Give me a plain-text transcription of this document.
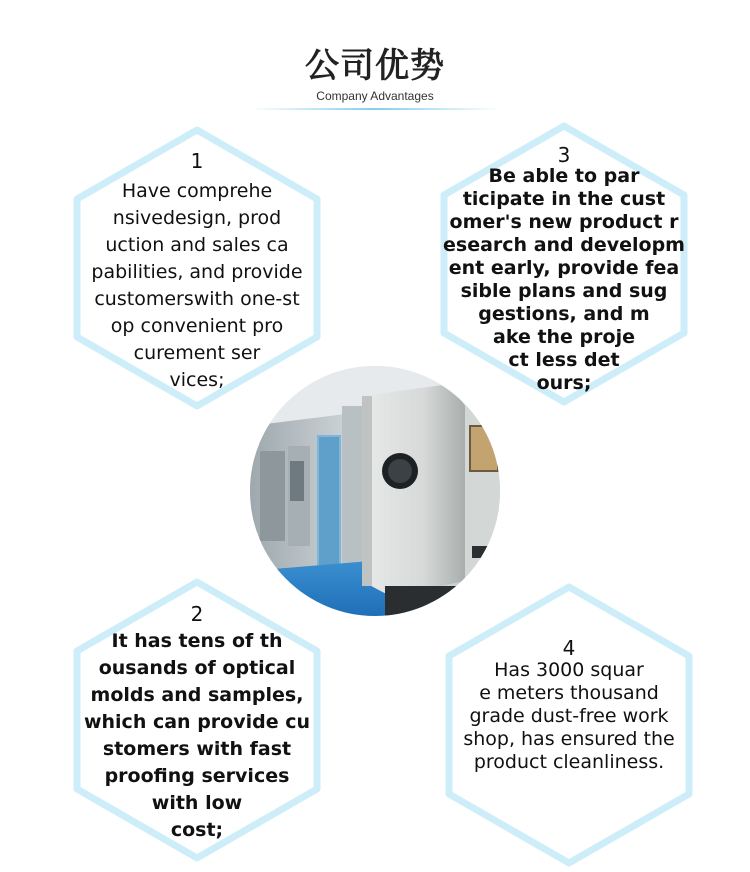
公司优势
Company Advantages
1
Have comprehe
nsivedesign, prod
uction and sales ca
pabilities, and provide
customerswith one-st
op convenient pro
curement ser
vices;
3
Be able to par
ticipate in the cust
omer's new product r
esearch and developm
ent early, provide fea
sible plans and sug
gestions, and m
ake the proje
ct less det
ours;
2
It has tens of th
ousands of optical
molds and samples,
which can provide cu
stomers with fast
proofing services
with low
cost;
4
Has 3000 squar
e meters thousand
grade dust-free work
shop, has ensured the
product cleanliness.
